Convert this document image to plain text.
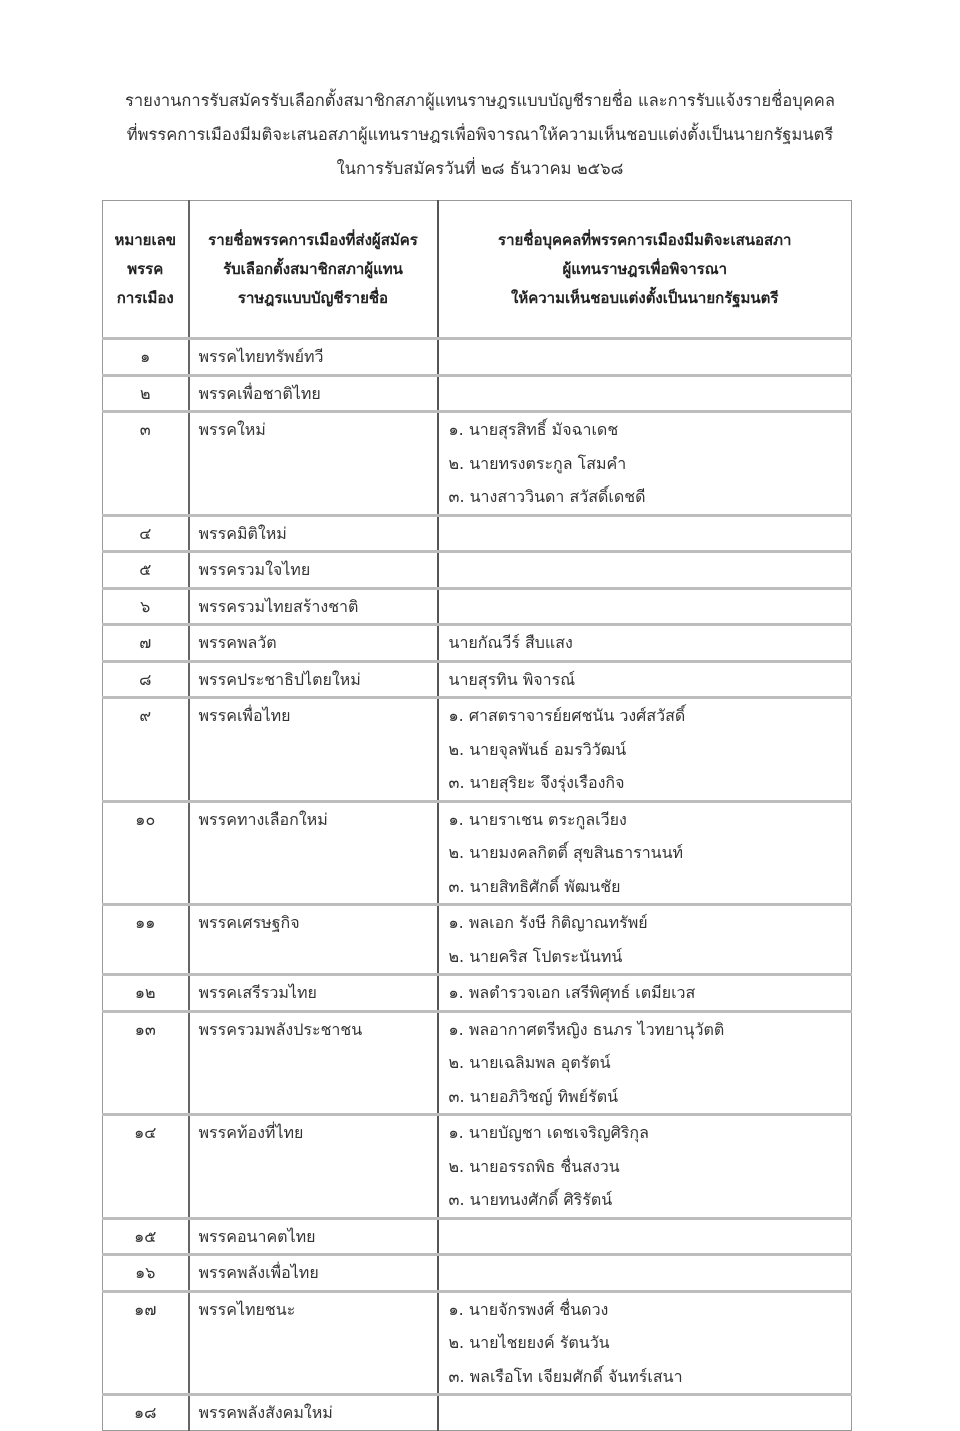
รายงานการรับสมัครรับเลือกตั้งสมาชิกสภาผู้แทนราษฎรแบบบัญชีรายชื่อ และการรับแจ้งรายชื่อบุคคล
ที่พรรคการเมืองมีมติจะเสนอสภาผู้แทนราษฎรเพื่อพิจารณาให้ความเห็นชอบแต่งตั้งเป็นนายกรัฐมนตรี
ในการรับสมัครวันที่ ๒๘ ธันวาคม ๒๕๖๘
หมายเลข
พรรค
การเมือง	รายชื่อพรรคการเมืองที่ส่งผู้สมัคร
รับเลือกตั้งสมาชิกสภาผู้แทน
ราษฎรแบบบัญชีรายชื่อ	รายชื่อบุคคลที่พรรคการเมืองมีมติจะเสนอสภา
ผู้แทนราษฎรเพื่อพิจารณา
ให้ความเห็นชอบแต่งตั้งเป็นนายกรัฐมนตรี

๑	พรรคไทยทรัพย์ทวี	

๒	พรรคเพื่อชาติไทย	

๓	พรรคใหม่	๑. นายสุรสิทธิ์ มัจฉาเดช
๒. นายทรงตระกูล โสมคำ
๓. นางสาววินดา สวัสดิ์เดชดี

๔	พรรคมิติใหม่	

๕	พรรครวมใจไทย	

๖	พรรครวมไทยสร้างชาติ	

๗	พรรคพลวัต	นายกัณวีร์ สืบแสง

๘	พรรคประชาธิปไตยใหม่	นายสุรทิน พิจารณ์

๙	พรรคเพื่อไทย	๑. ศาสตราจารย์ยศชนัน วงศ์สวัสดิ์
๒. นายจุลพันธ์ อมรวิวัฒน์
๓. นายสุริยะ จึงรุ่งเรืองกิจ

๑๐	พรรคทางเลือกใหม่	๑. นายราเชน ตระกูลเวียง
๒. นายมงคลกิตติ์ สุขสินธารานนท์
๓. นายสิทธิศักดิ์ พัฒนชัย

๑๑	พรรคเศรษฐกิจ	๑. พลเอก รังษี กิติญาณทรัพย์
๒. นายคริส โปตระนันทน์

๑๒	พรรคเสรีรวมไทย	๑. พลตำรวจเอก เสรีพิศุทธ์ เตมียเวส

๑๓	พรรครวมพลังประชาชน	๑. พลอากาศตรีหญิง ธนภร ไวทยานุวัตติ
๒. นายเฉลิมพล อุตรัตน์
๓. นายอภิวิชญ์ ทิพย์รัตน์

๑๔	พรรคท้องที่ไทย	๑. นายบัญชา เดชเจริญศิริกุล
๒. นายอรรถพิธ ชื่นสงวน
๓. นายทนงศักดิ์ ศิริรัตน์

๑๕	พรรคอนาคตไทย	

๑๖	พรรคพลังเพื่อไทย	

๑๗	พรรคไทยชนะ	๑. นายจักรพงศ์ ชื่นดวง
๒. นายไชยยงค์ รัตนวัน
๓. พลเรือโท เจียมศักดิ์ จันทร์เสนา

๑๘	พรรคพลังสังคมใหม่	
